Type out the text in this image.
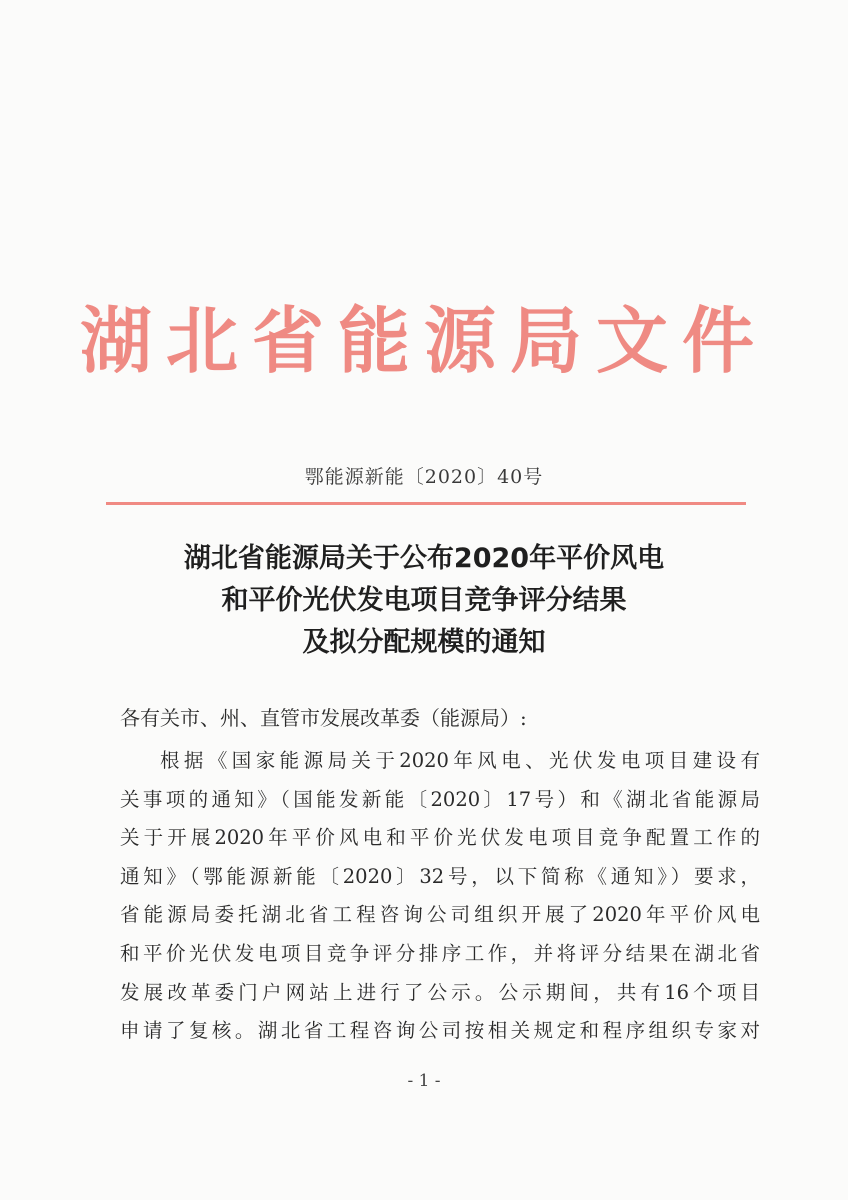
湖北省能源局文件
鄂能源新能〔2020〕40号
湖北省能源局关于公布2020年平价风电
和平价光伏发电项目竞争评分结果
及拟分配规模的通知
各有关市、州、直管市发展改革委（能源局）:
根据《国家能源局关于2020年风电、光伏发电项目建设有
关事项的通知》（国能发新能〔2020〕17号）和《湖北省能源局
关于开展2020年平价风电和平价光伏发电项目竞争配置工作的
通知》（鄂能源新能〔2020〕32号，以下简称《通知》）要求，
省能源局委托湖北省工程咨询公司组织开展了2020年平价风电
和平价光伏发电项目竞争评分排序工作，并将评分结果在湖北省
发展改革委门户网站上进行了公示。公示期间，共有16个项目
申请了复核。湖北省工程咨询公司按相关规定和程序组织专家对
- 1 -
